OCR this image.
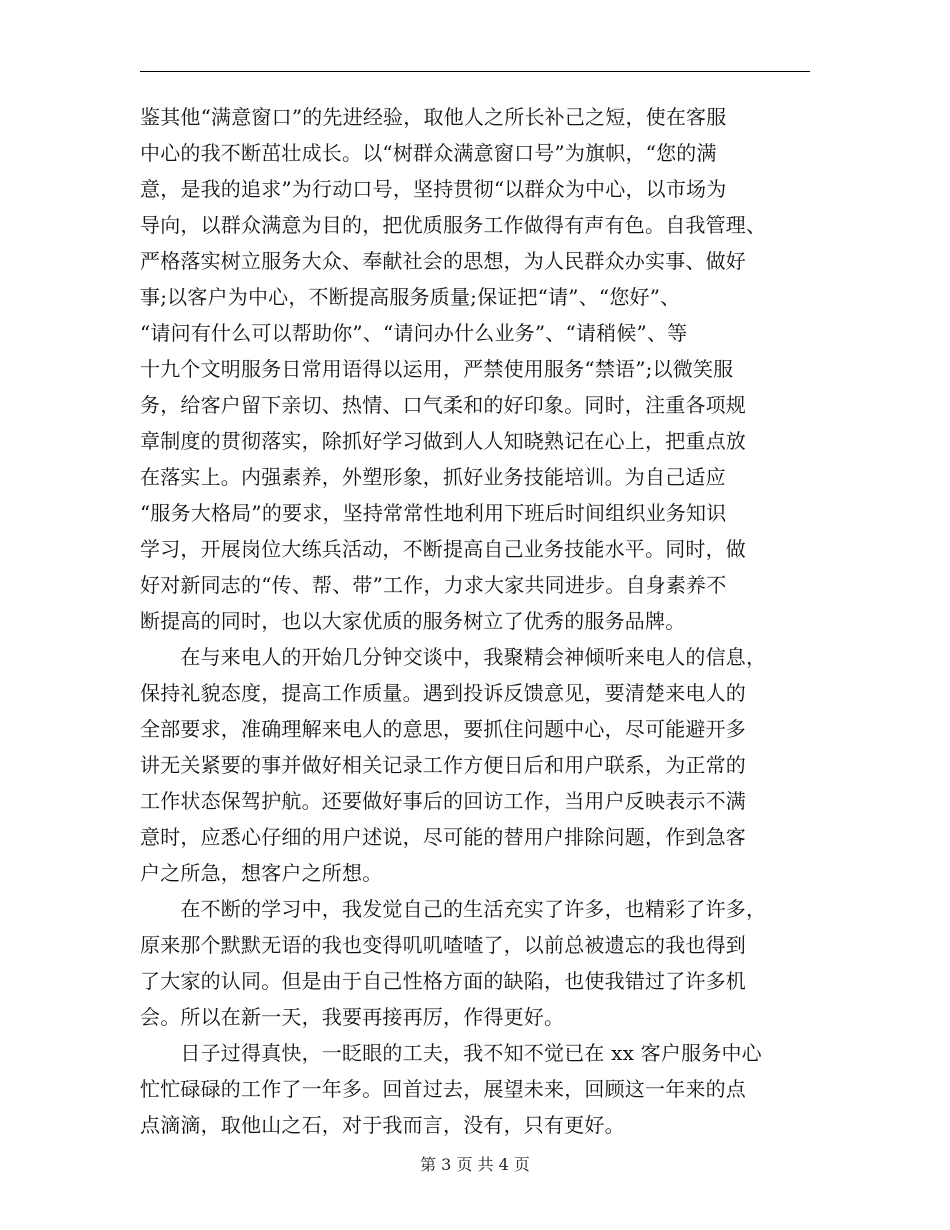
鉴其他“满意窗口”的先进经验，取他人之所长补己之短，使在客服
中心的我不断茁壮成长。以“树群众满意窗口号”为旗帜，“您的满
意，是我的追求”为行动口号，坚持贯彻“以群众为中心，以市场为
导向，以群众满意为目的，把优质服务工作做得有声有色。自我管理、
严格落实树立服务大众、奉献社会的思想，为人民群众办实事、做好
事;以客户为中心，不断提高服务质量;保证把“请”、“您好”、
“请问有什么可以帮助你”、“请问办什么业务”、“请稍候”、等
十九个文明服务日常用语得以运用，严禁使用服务“禁语”;以微笑服
务，给客户留下亲切、热情、口气柔和的好印象。同时，注重各项规
章制度的贯彻落实，除抓好学习做到人人知晓熟记在心上，把重点放
在落实上。内强素养，外塑形象，抓好业务技能培训。为自己适应
“服务大格局”的要求，坚持常常性地利用下班后时间组织业务知识
学习，开展岗位大练兵活动，不断提高自己业务技能水平。同时，做
好对新同志的“传、帮、带”工作，力求大家共同进步。自身素养不
断提高的同时，也以大家优质的服务树立了优秀的服务品牌。
　　在与来电人的开始几分钟交谈中，我聚精会神倾听来电人的信息，
保持礼貌态度，提高工作质量。遇到投诉反馈意见，要清楚来电人的
全部要求，准确理解来电人的意思，要抓住问题中心，尽可能避开多
讲无关紧要的事并做好相关记录工作方便日后和用户联系，为正常的
工作状态保驾护航。还要做好事后的回访工作，当用户反映表示不满
意时，应悉心仔细的用户述说，尽可能的替用户排除问题，作到急客
户之所急，想客户之所想。
　　在不断的学习中，我发觉自己的生活充实了许多，也精彩了许多，
原来那个默默无语的我也变得叽叽喳喳了，以前总被遗忘的我也得到
了大家的认同。但是由于自己性格方面的缺陷，也使我错过了许多机
会。所以在新一天，我要再接再厉，作得更好。
　　日子过得真快，一眨眼的工夫，我不知不觉已在 xx 客户服务中心
忙忙碌碌的工作了一年多。回首过去，展望未来，回顾这一年来的点
点滴滴，取他山之石，对于我而言，没有，只有更好。
第 3 页 共 4 页
